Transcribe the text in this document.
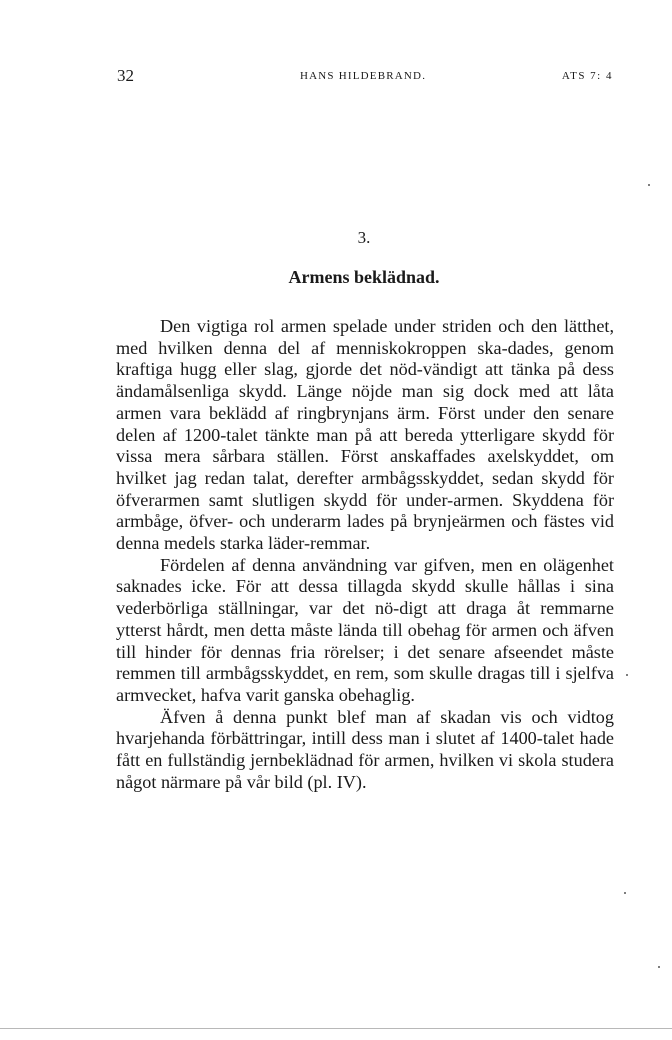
32	HANS HILDEBRAND.	ATS 7: 4
3.
Armens beklädnad.

Den vigtiga rol armen spelade under striden och den lätthet, med hvilken denna del af menniskokroppen ska-dades, genom kraftiga hugg eller slag, gjorde det nöd-vändigt att tänka på dess ändamålsenliga skydd. Länge nöjde man sig dock med att låta armen vara beklädd af ringbrynjans ärm. Först under den senare delen af 1200-talet tänkte man på att bereda ytterligare skydd för vissa mera sårbara ställen. Först anskaffades axelskyddet, om hvilket jag redan talat, derefter armbågsskyddet, sedan skydd för öfverarmen samt slutligen skydd för under-armen. Skyddena för armbåge, öfver- och underarm lades på brynjeärmen och fästes vid denna medels starka läder-remmar.

Fördelen af denna användning var gifven, men en olägenhet saknades icke. För att dessa tillagda skydd skulle hållas i sina vederbörliga ställningar, var det nö-digt att draga åt remmarne ytterst hårdt, men detta måste lända till obehag för armen och äfven till hinder för dennas fria rörelser; i det senare afseendet måste remmen till armbågsskyddet, en rem, som skulle dragas till i sjelfva armvecket, hafva varit ganska obehaglig.

Äfven å denna punkt blef man af skadan vis och vidtog hvarjehanda förbättringar, intill dess man i slutet af 1400-talet hade fått en fullständig jernbeklädnad för armen, hvilken vi skola studera något närmare på vår bild (pl. IV).
